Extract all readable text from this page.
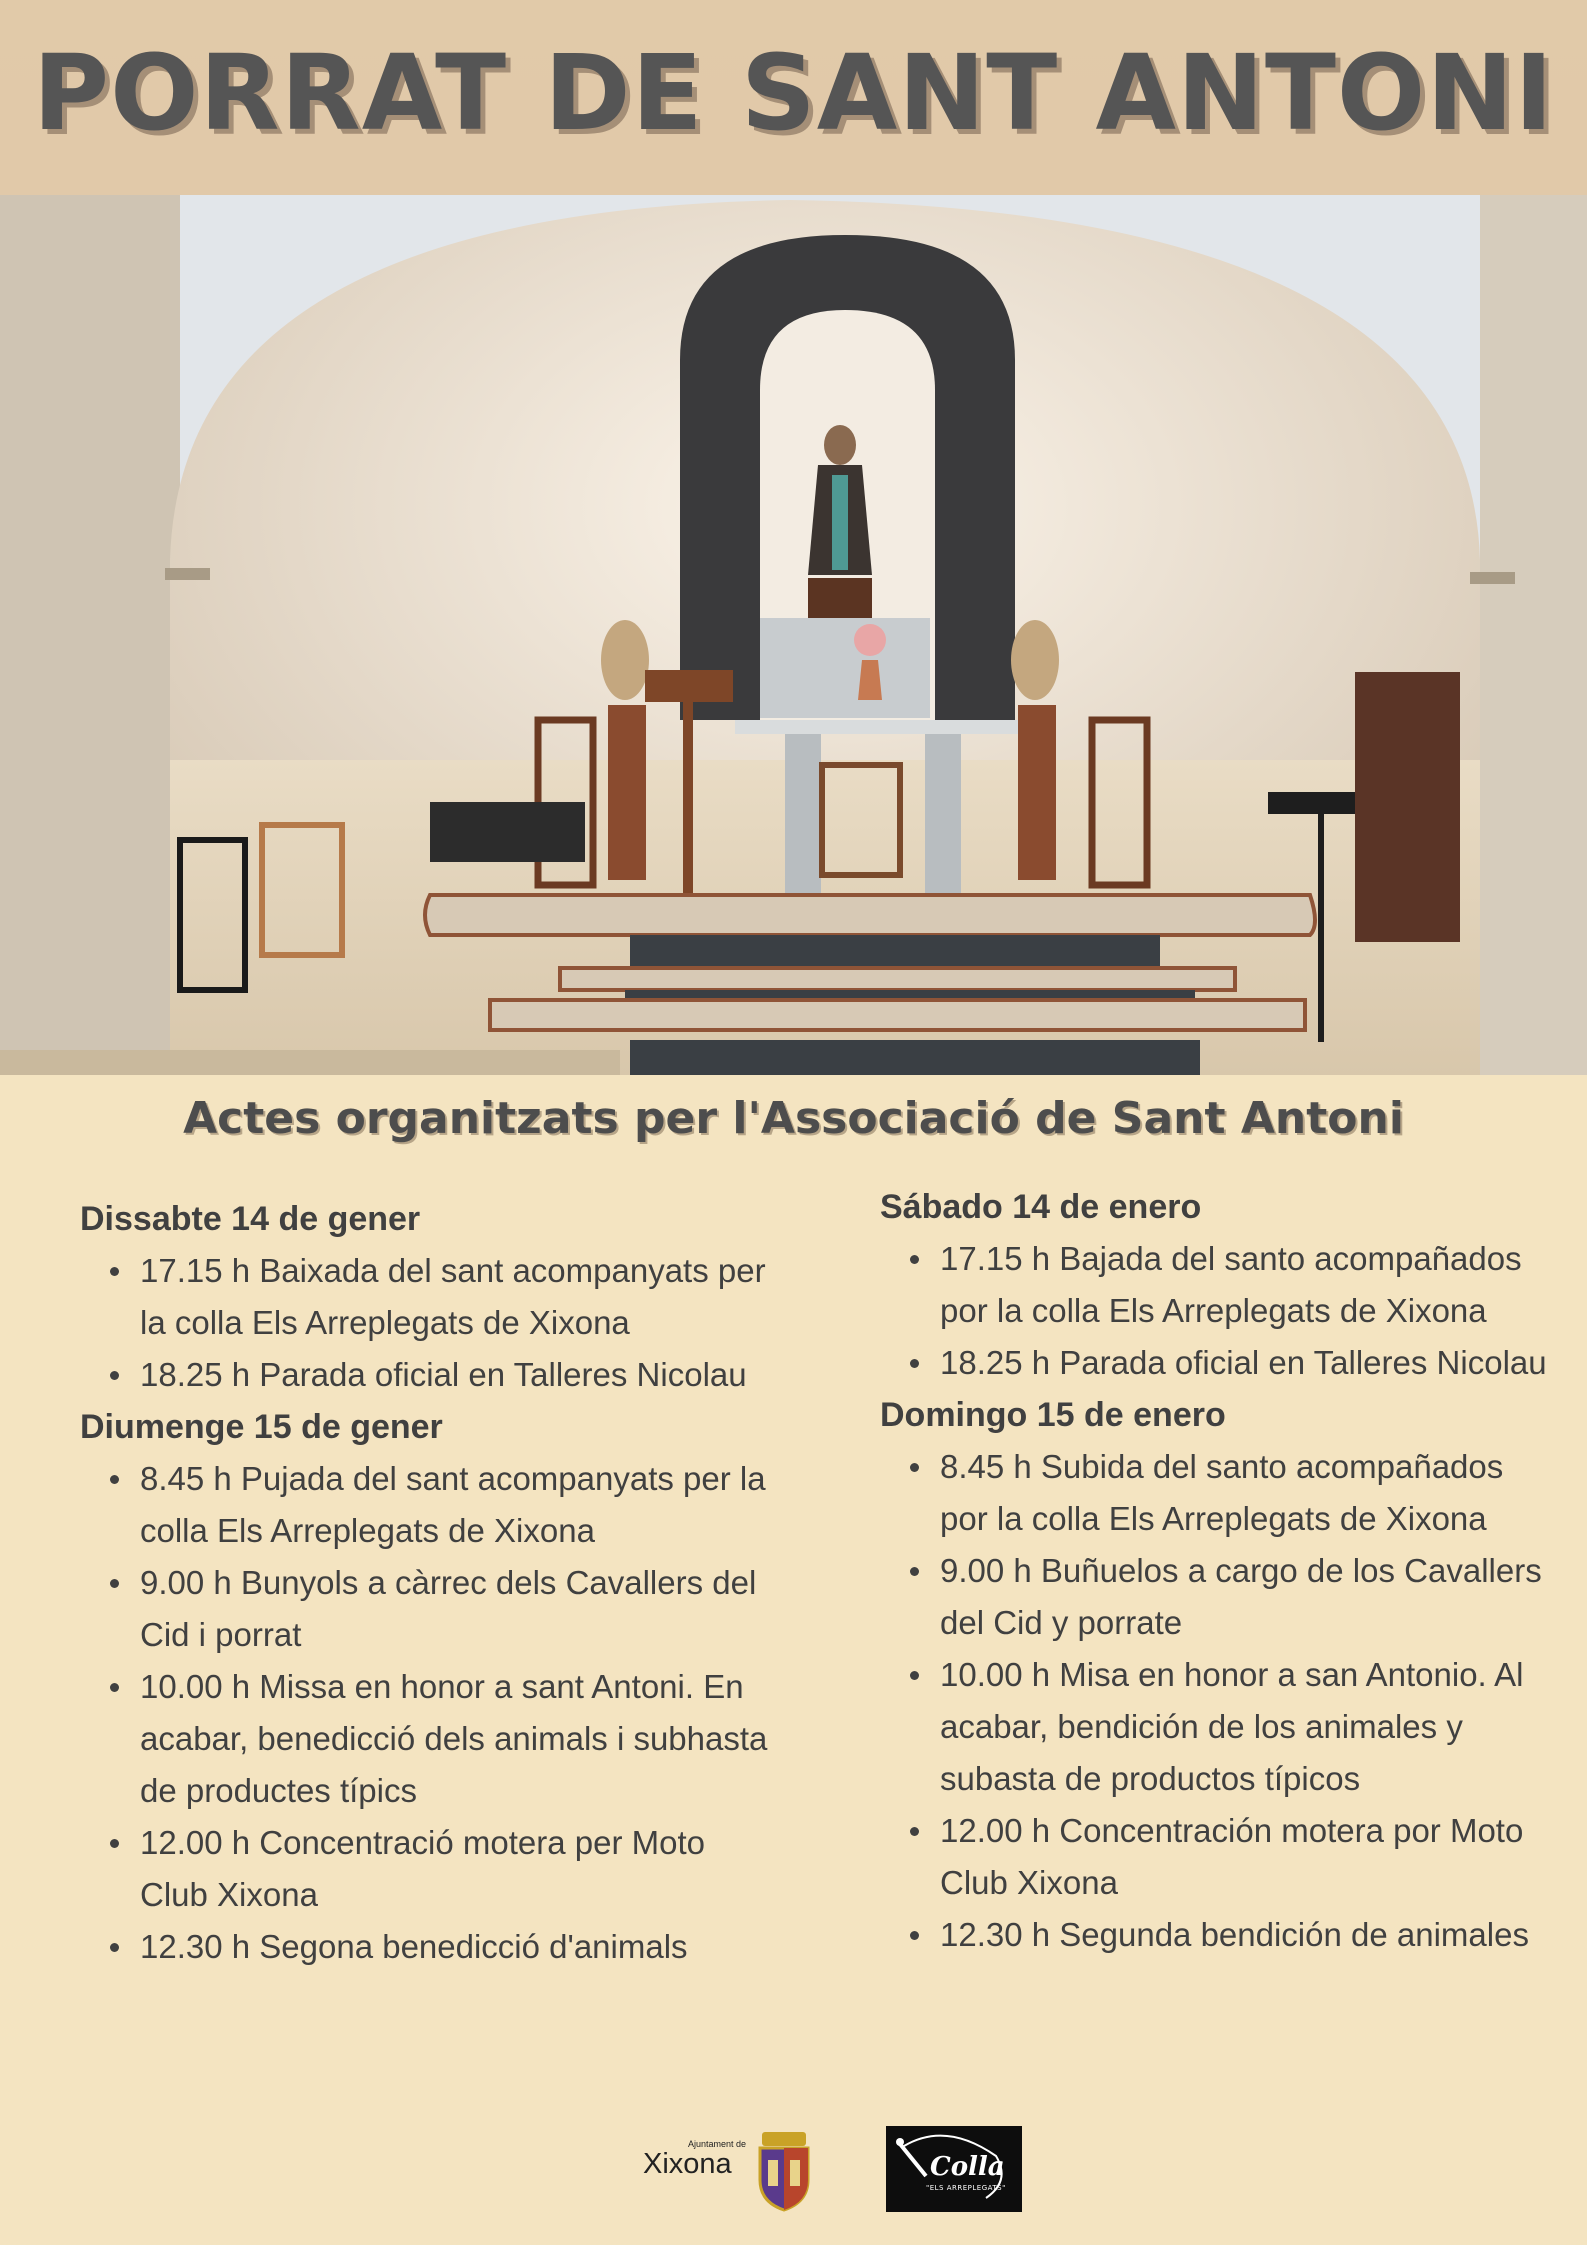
PORRAT DE SANT ANTONI
Actes organitzats per l'Associació de Sant Antoni

Dissabte 14 de gener

17.15 h Baixada del sant acompanyats per la colla Els Arreplegats de Xixona
18.25 h Parada oficial en Talleres Nicolau

Diumenge 15 de gener

8.45 h Pujada del sant acompanyats per la colla Els Arreplegats de Xixona
9.00 h Bunyols a càrrec dels Cavallers del Cid i porrat
10.00 h Missa en honor a sant Antoni. En acabar, benedicció dels animals i subhasta de productes típics
12.00 h Concentració motera per Moto Club Xixona
12.30 h Segona benedicció d'animals

Sábado 14 de enero

17.15 h Bajada del santo acompañados por la colla Els Arreplegats de Xixona
18.25 h Parada oficial en Talleres Nicolau

Domingo 15 de enero

8.45 h Subida del santo acompañados por la colla Els Arreplegats de Xixona
9.00 h Buñuelos a cargo de los Cavallers del Cid y porrate
10.00 h Misa en honor a san Antonio. Al acabar, bendición de los animales y subasta de productos típicos
12.00 h Concentración motera por Moto Club Xixona
12.30 h Segunda bendición de animales
Ajuntament de
Xixona	Colla
"ELS ARREPLEGATS"
